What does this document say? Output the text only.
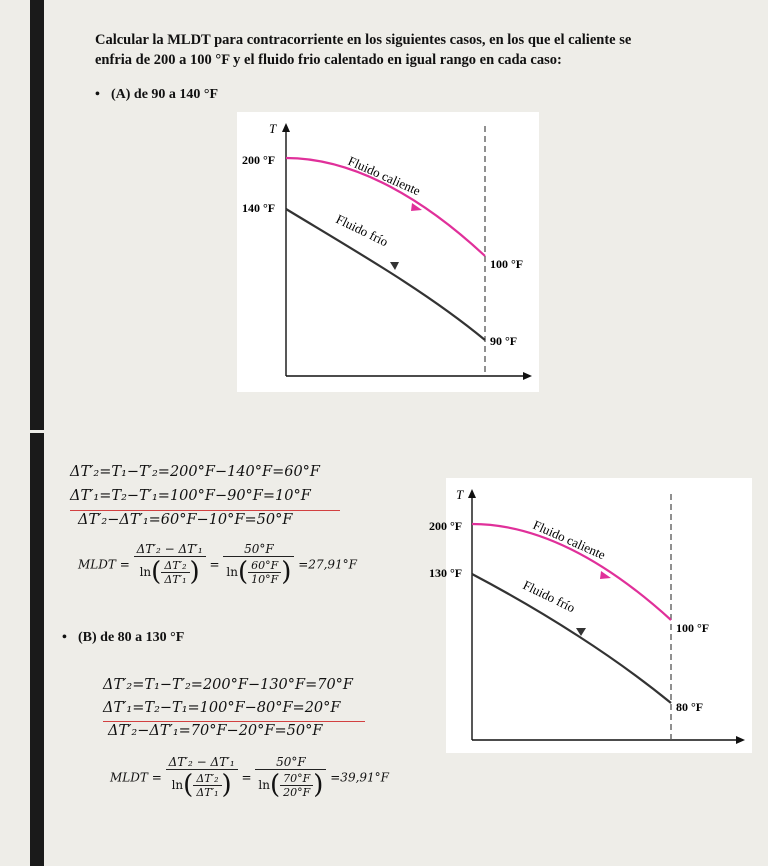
Calcular la MLDT para contracorriente en los siguientes casos, en los que el caliente se
enfria de 200 a 100 °F y el fluido frio calentado en igual rango en cada caso:
• (A) de 90 a 140 °F
T
200 °F
140 °F
100 °F
90 °F
Fluido caliente
Fluido frío
ΔT′₂=T₁−T′₂=200°F−140°F=60°F
ΔT′₁=T₂−T′₁=100°F−90°F=10°F
ΔT′₂−ΔT′₁=60°F−10°F=50°F
MLDT = $\frac{\text{ΔT′₂ − ΔT′₁}}{\ln( \frac{\text{ΔT′₂}}{\text{ΔT′₁}} )} = \frac{50^\circ F}{\ln( \frac{60^\circ F}{10^\circ F} )} =27,91^\circ F$
• (B) de 80 a 130 °F
T
200 °F
130 °F
100 °F
80 °F
Fluido caliente
Fluido frío
ΔT′₂=T₁−T′₂=200°F−130°F=70°F
ΔT′₁=T₂−T₁=100°F−80°F=20°F
ΔT′₂−ΔT′₁=70°F−20°F=50°F
MLDT = $\frac{\text{ΔT′₂ − ΔT′₁}}{\ln( \frac{\text{ΔT′₂}}{\text{ΔT′₁}} )} = \frac{50^\circ F}{\ln( \frac{70^\circ F}{20^\circ F} )} =39,91^\circ F$
